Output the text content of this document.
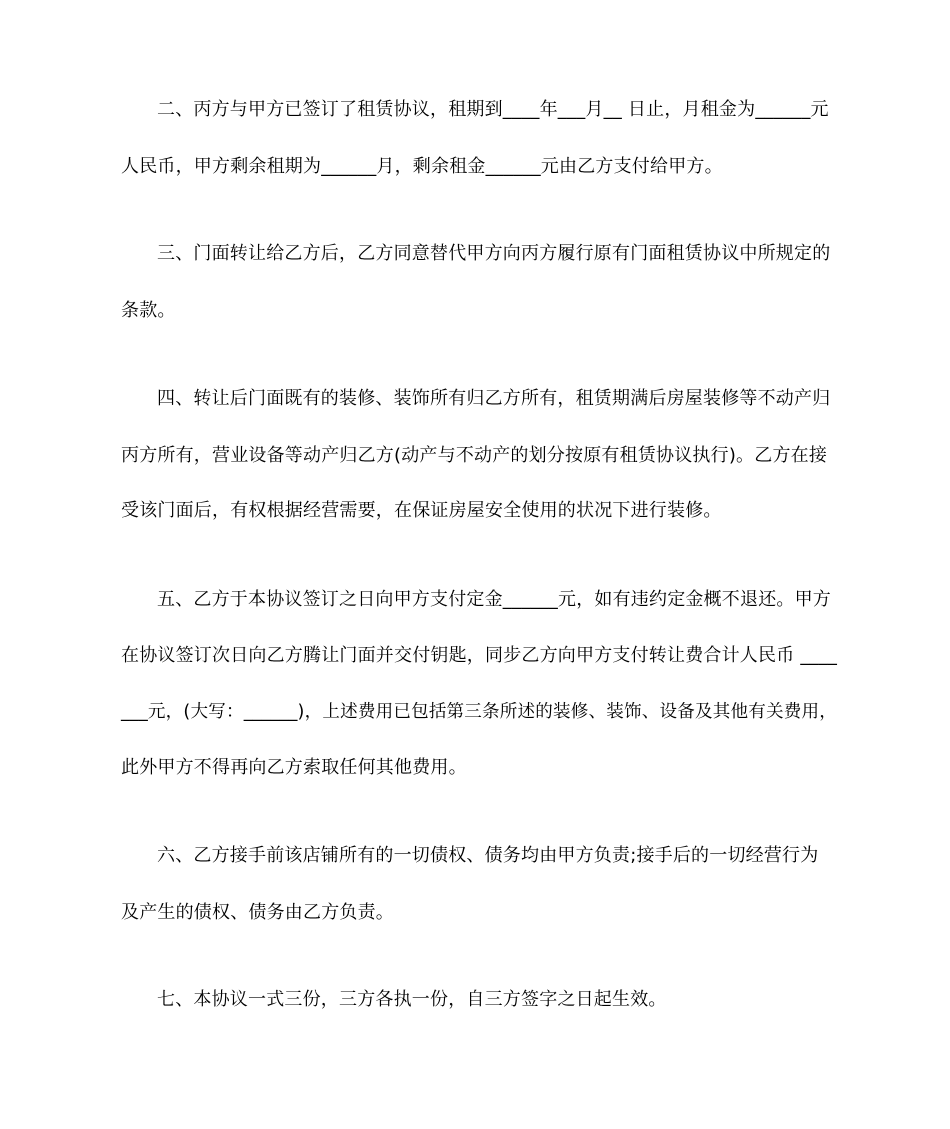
二、丙方与甲方已签订了租赁协议，租期到____年___月__ 日止，月租金为______元
人民币，甲方剩余租期为______月，剩余租金______元由乙方支付给甲方。
三、门面转让给乙方后，乙方同意替代甲方向丙方履行原有门面租赁协议中所规定的
条款。
四、转让后门面既有的装修、装饰所有归乙方所有，租赁期满后房屋装修等不动产归
丙方所有，营业设备等动产归乙方(动产与不动产的划分按原有租赁协议执行)。乙方在接
受该门面后，有权根据经营需要，在保证房屋安全使用的状况下进行装修。
五、乙方于本协议签订之日向甲方支付定金______元，如有违约定金概不退还。甲方
在协议签订次日向乙方腾让门面并交付钥匙，同步乙方向甲方支付转让费合计人民币 ____
___元，(大写：______)，上述费用已包括第三条所述的装修、装饰、设备及其他有关费用，
此外甲方不得再向乙方索取任何其他费用。
六、乙方接手前该店铺所有的一切债权、债务均由甲方负责;接手后的一切经营行为
及产生的债权、债务由乙方负责。
七、本协议一式三份，三方各执一份，自三方签字之日起生效。
